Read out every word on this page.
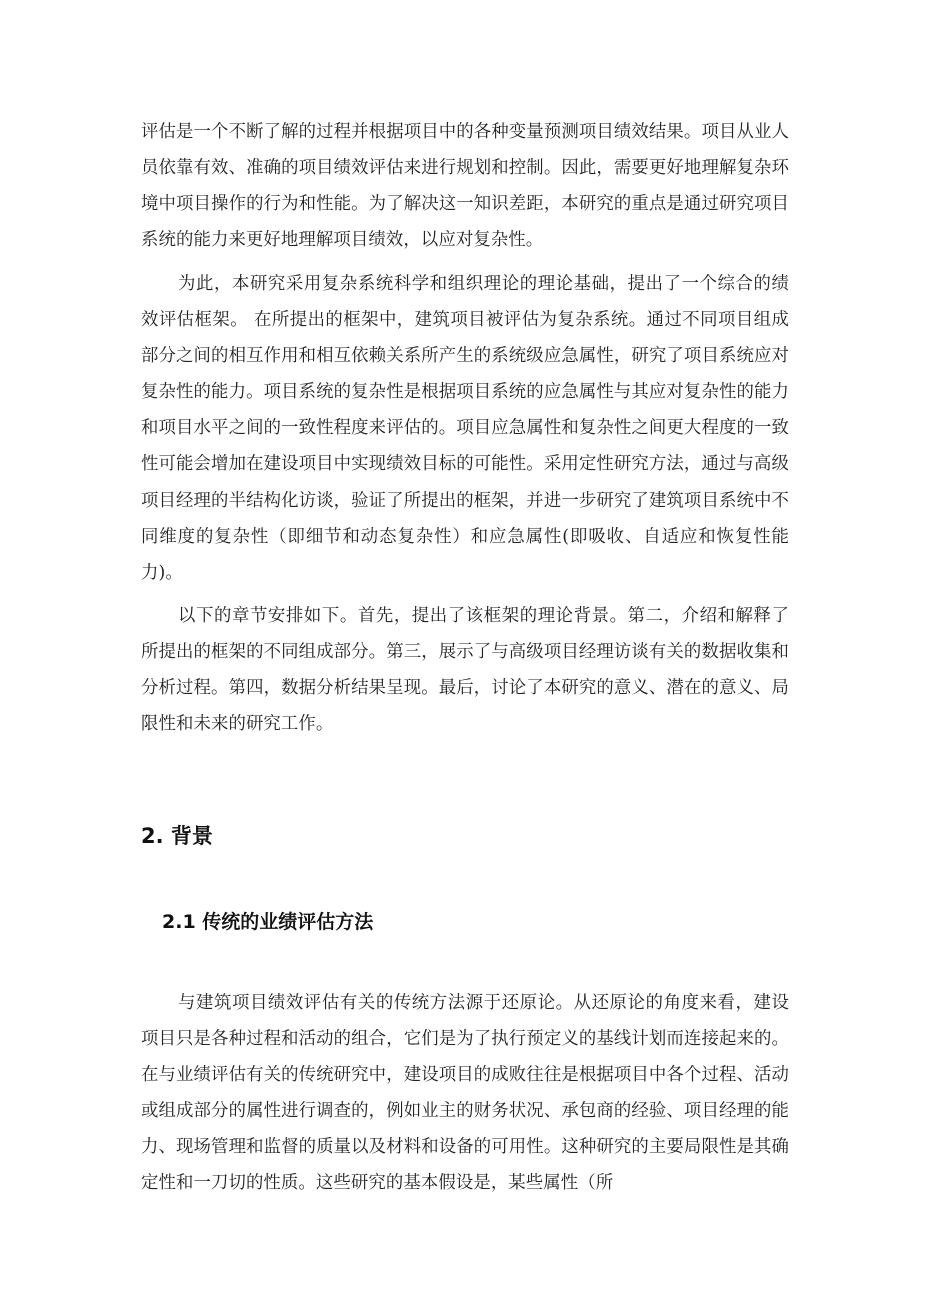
评估是一个不断了解的过程并根据项目中的各种变量预测项目绩效结果。项目从业人员依靠有效、准确的项目绩效评估来进行规划和控制。因此，需要更好地理解复杂环境中项目操作的行为和性能。为了解决这一知识差距，本研究的重点是通过研究项目系统的能力来更好地理解项目绩效，以应对复杂性。

为此，本研究采用复杂系统科学和组织理论的理论基础，提出了一个综合的绩效评估框架。 在所提出的框架中，建筑项目被评估为复杂系统。通过不同项目组成部分之间的相互作用和相互依赖关系所产生的系统级应急属性，研究了项目系统应对复杂性的能力。项目系统的复杂性是根据项目系统的应急属性与其应对复杂性的能力和项目水平之间的一致性程度来评估的。项目应急属性和复杂性之间更大程度的一致性可能会增加在建设项目中实现绩效目标的可能性。采用定性研究方法，通过与高级项目经理的半结构化访谈，验证了所提出的框架，并进一步研究了建筑项目系统中不同维度的复杂性（即细节和动态复杂性）和应急属性(即吸收、自适应和恢复性能力)。

以下的章节安排如下。首先，提出了该框架的理论背景。第二，介绍和解释了所提出的框架的不同组成部分。第三，展示了与高级项目经理访谈有关的数据收集和分析过程。第四，数据分析结果呈现。最后，讨论了本研究的意义、潜在的意义、局限性和未来的研究工作。

2. 背景
2.1 传统的业绩评估方法

与建筑项目绩效评估有关的传统方法源于还原论。从还原论的角度来看，建设项目只是各种过程和活动的组合，它们是为了执行预定义的基线计划而连接起来的。在与业绩评估有关的传统研究中，建设项目的成败往往是根据项目中各个过程、活动或组成部分的属性进行调查的，例如业主的财务状况、承包商的经验、项目经理的能力、现场管理和监督的质量以及材料和设备的可用性。这种研究的主要局限性是其确定性和一刀切的性质。这些研究的基本假设是，某些属性（所
